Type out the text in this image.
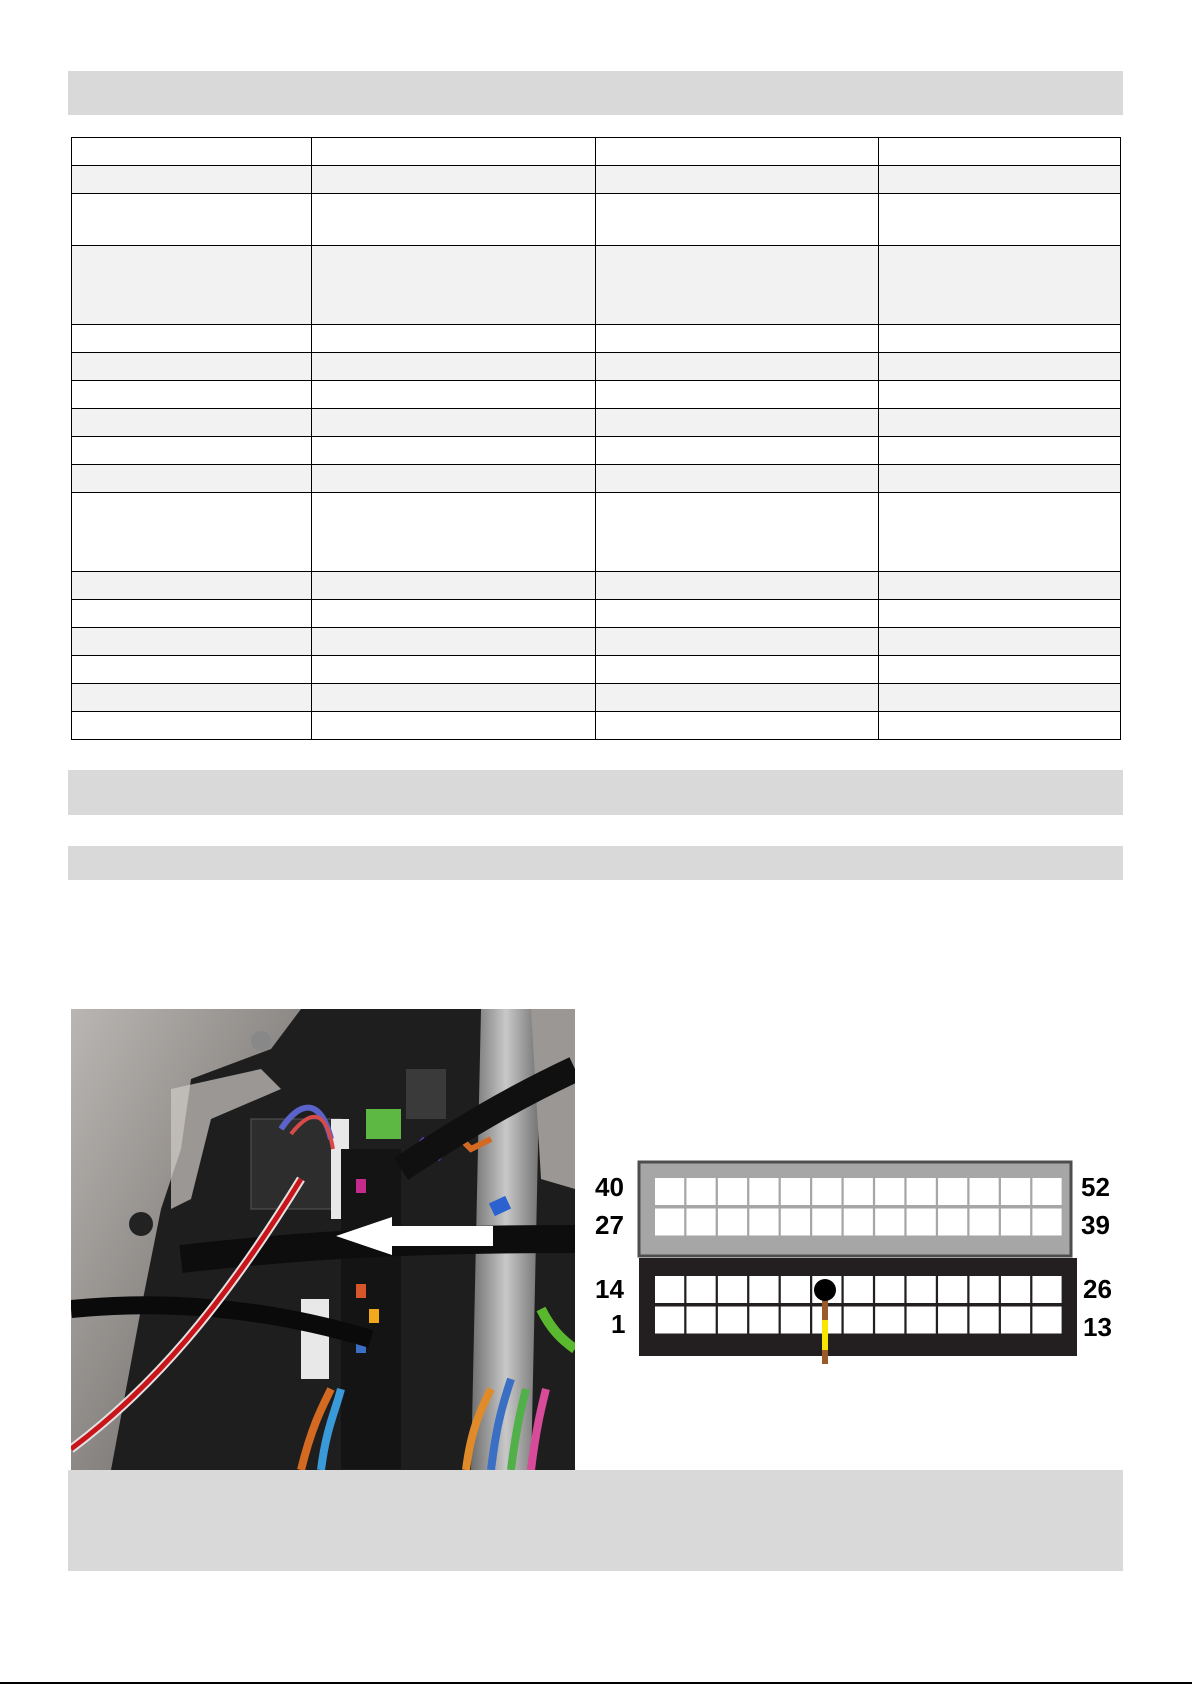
40
27
52
39
14
1
26
13
